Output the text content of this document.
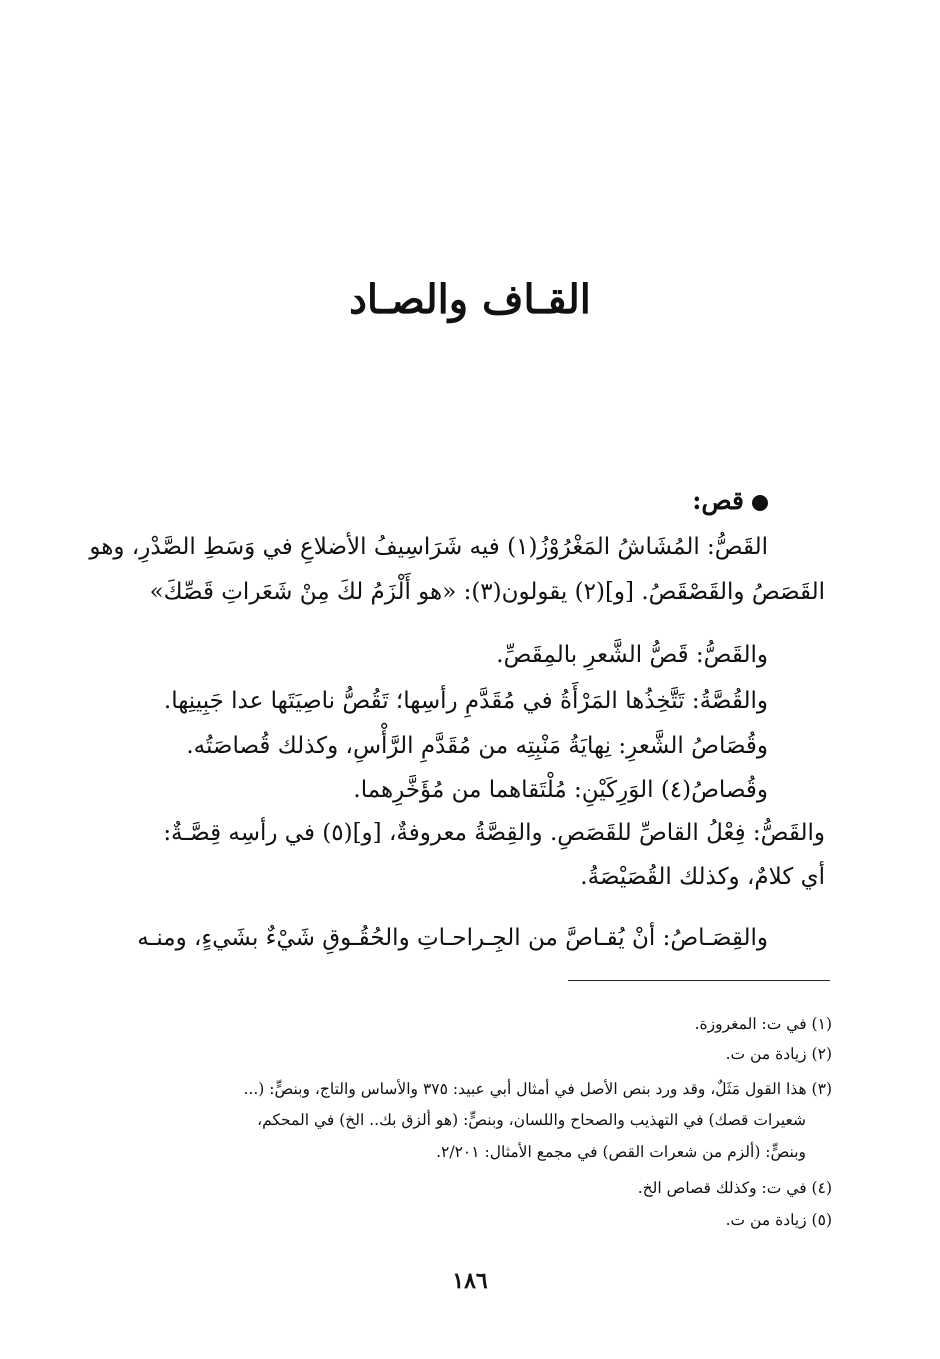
القـاف والصـاد
قص:
القَصُّ: المُشَاشُ المَغْرُوْزُ(١) فيه شَرَاسِيفُ الأضلاعِ في وَسَطِ الصَّدْرِ، وهو
القَصَصُ والقَصْقَصُ. [و](٢) يقولون(٣): «هو أَلْزَمُ لكَ مِنْ شَعَراتِ قَصِّكَ»
والقَصُّ: قَصُّ الشَّعرِ بالمِقَصِّ.
والقُصَّةُ: تَتَّخِذُها المَرْأَةُ في مُقَدَّمِ رأسِها؛ تَقُصُّ ناصِيَتَها عدا جَبِينِها.
وقُصَاصُ الشَّعرِ: نِهايَةُ مَنْبِتِه من مُقَدَّمِ الرَّأْسِ، وكذلك قُصاصَتُه.
وقُصاصُ(٤) الوَرِكَيْنِ: مُلْتَقاهما من مُؤَخَّرِهما.
والقَصُّ: فِعْلُ القاصِّ للقَصَصِ. والقِصَّةُ معروفةٌ، [و](٥) في رأسِه قِصَّـةٌ:
أي كلامٌ، وكذلك القُصَيْصَةُ.
والقِصَـاصُ: أنْ يُقـاصَّ من الجِـراحـاتِ والحُقُـوقِ شَيْءٌ بشَيءٍ، ومنـه
(١) في ت: المغروزة.
(٢) زيادة من ت.
(٣) هذا القول مَثَلٌ، وقد ورد بنص الأصل في أمثال أبي عبيد: ٣٧٥ والأساس والتاج، وبنصٍّ: (...
شعيرات قصك) في التهذيب والصحاح واللسان، وبنصٍّ: (هو ألزق بك.. الخ) في المحكم،
وبنصٍّ: (ألزم من شعرات القص) في مجمع الأمثال: ٢/٢٠١.
(٤) في ت: وكذلك قصاص الخ.
(٥) زيادة من ت.
١٨٦
